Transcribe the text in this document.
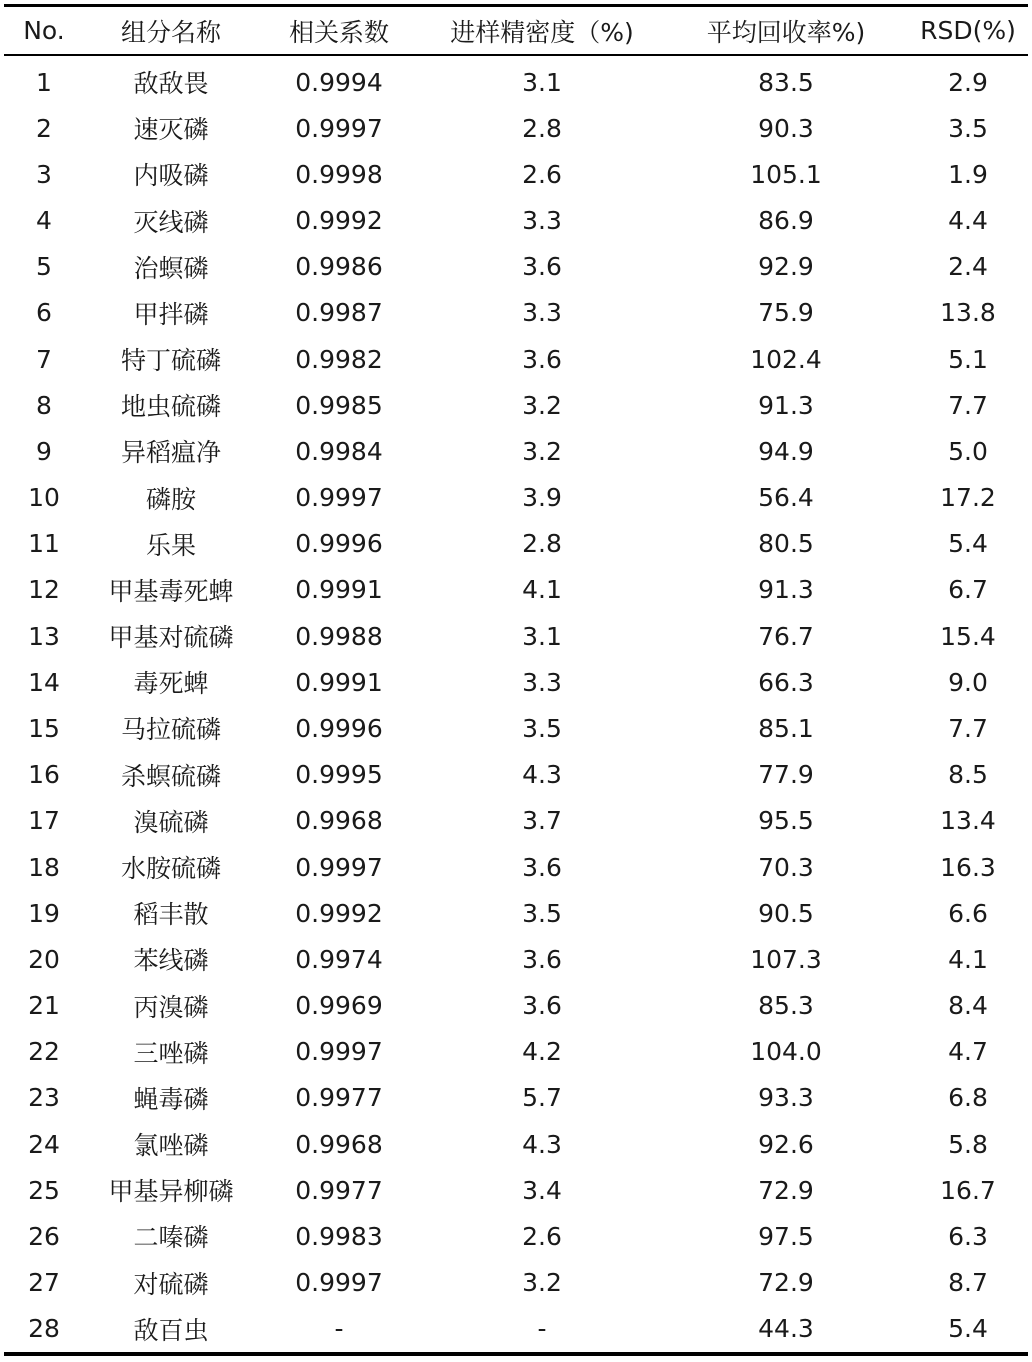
No.	组分名称	相关系数	进样精密度（%)	平均回收率%)	RSD(%)
1	敌敌畏	0.9994	3.1	83.5	2.9
2	速灭磷	0.9997	2.8	90.3	3.5
3	内吸磷	0.9998	2.6	105.1	1.9
4	灭线磷	0.9992	3.3	86.9	4.4
5	治螟磷	0.9986	3.6	92.9	2.4
6	甲拌磷	0.9987	3.3	75.9	13.8
7	特丁硫磷	0.9982	3.6	102.4	5.1
8	地虫硫磷	0.9985	3.2	91.3	7.7
9	异稻瘟净	0.9984	3.2	94.9	5.0
10	磷胺	0.9997	3.9	56.4	17.2
11	乐果	0.9996	2.8	80.5	5.4
12	甲基毒死蜱	0.9991	4.1	91.3	6.7
13	甲基对硫磷	0.9988	3.1	76.7	15.4
14	毒死蜱	0.9991	3.3	66.3	9.0
15	马拉硫磷	0.9996	3.5	85.1	7.7
16	杀螟硫磷	0.9995	4.3	77.9	8.5
17	溴硫磷	0.9968	3.7	95.5	13.4
18	水胺硫磷	0.9997	3.6	70.3	16.3
19	稻丰散	0.9992	3.5	90.5	6.6
20	苯线磷	0.9974	3.6	107.3	4.1
21	丙溴磷	0.9969	3.6	85.3	8.4
22	三唑磷	0.9997	4.2	104.0	4.7
23	蝇毒磷	0.9977	5.7	93.3	6.8
24	氯唑磷	0.9968	4.3	92.6	5.8
25	甲基异柳磷	0.9977	3.4	72.9	16.7
26	二嗪磷	0.9983	2.6	97.5	6.3
27	对硫磷	0.9997	3.2	72.9	8.7
28	敌百虫	-	-	44.3	5.4
